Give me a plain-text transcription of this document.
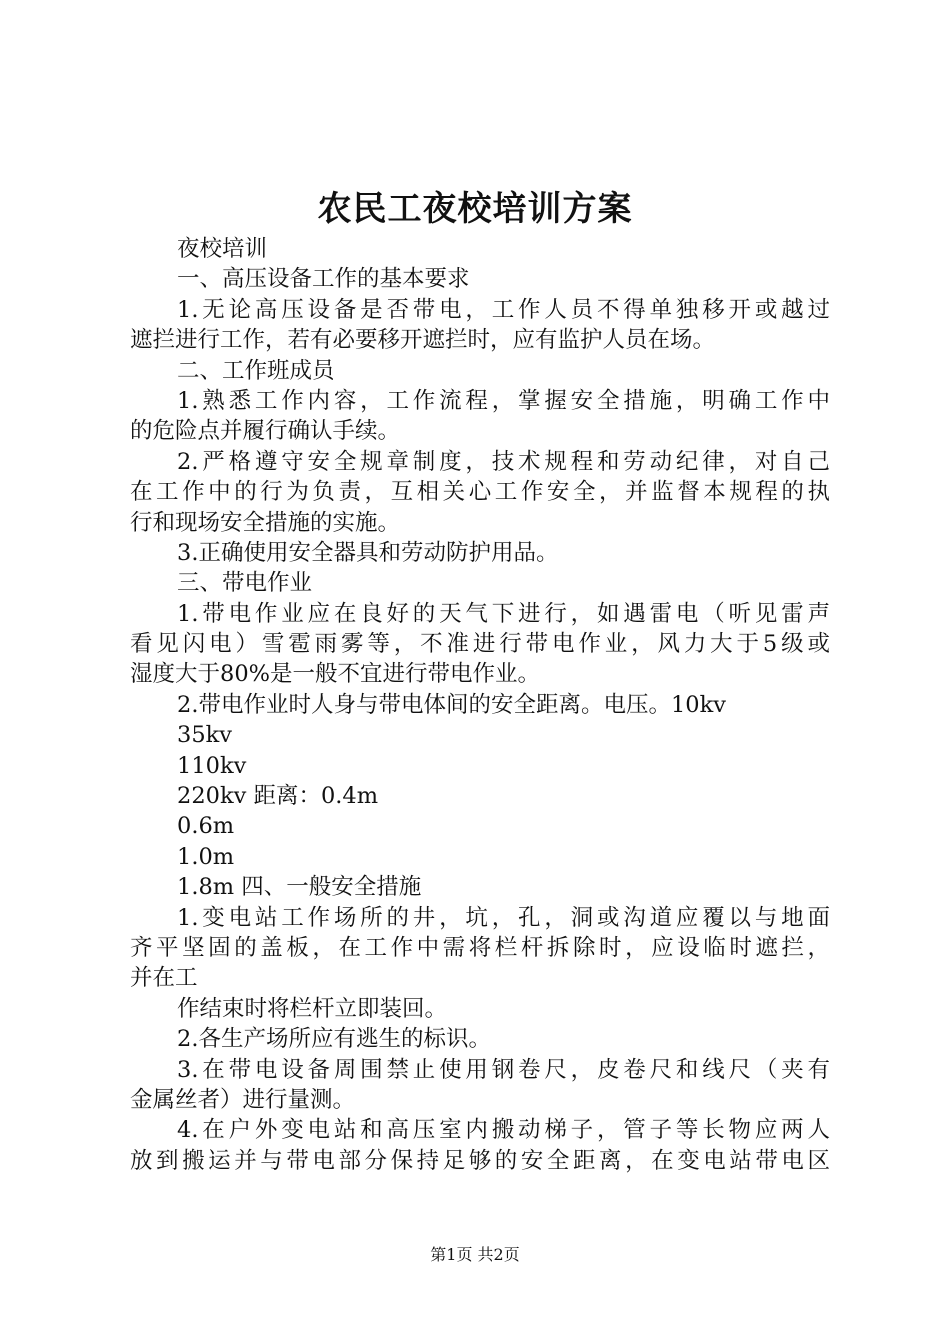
农民工夜校培训方案
夜校培训
一、高压设备工作的基本要求
1.无论高压设备是否带电，工作人员不得单独移开或越过
遮拦进行工作，若有必要移开遮拦时，应有监护人员在场。
二、工作班成员
1.熟悉工作内容，工作流程，掌握安全措施，明确工作中
的危险点并履行确认手续。
2.严格遵守安全规章制度，技术规程和劳动纪律，对自己
在工作中的行为负责，互相关心工作安全，并监督本规程的执
行和现场安全措施的实施。
3.正确使用安全器具和劳动防护用品。
三、带电作业
1.带电作业应在良好的天气下进行，如遇雷电（听见雷声
看见闪电）雪雹雨雾等，不准进行带电作业，风力大于5级或
湿度大于80%是一般不宜进行带电作业。
2.带电作业时人身与带电体间的安全距离。电压。10kv
35kv
110kv
220kv 距离：0.4m
0.6m
1.0m
1.8m 四、一般安全措施
1.变电站工作场所的井，坑，孔，洞或沟道应覆以与地面
齐平坚固的盖板，在工作中需将栏杆拆除时，应设临时遮拦，
并在工
作结束时将栏杆立即装回。
2.各生产场所应有逃生的标识。
3.在带电设备周围禁止使用钢卷尺，皮卷尺和线尺（夹有
金属丝者）进行量测。
4.在户外变电站和高压室内搬动梯子，管子等长物应两人
放到搬运并与带电部分保持足够的安全距离，在变电站带电区
第1页 共2页
